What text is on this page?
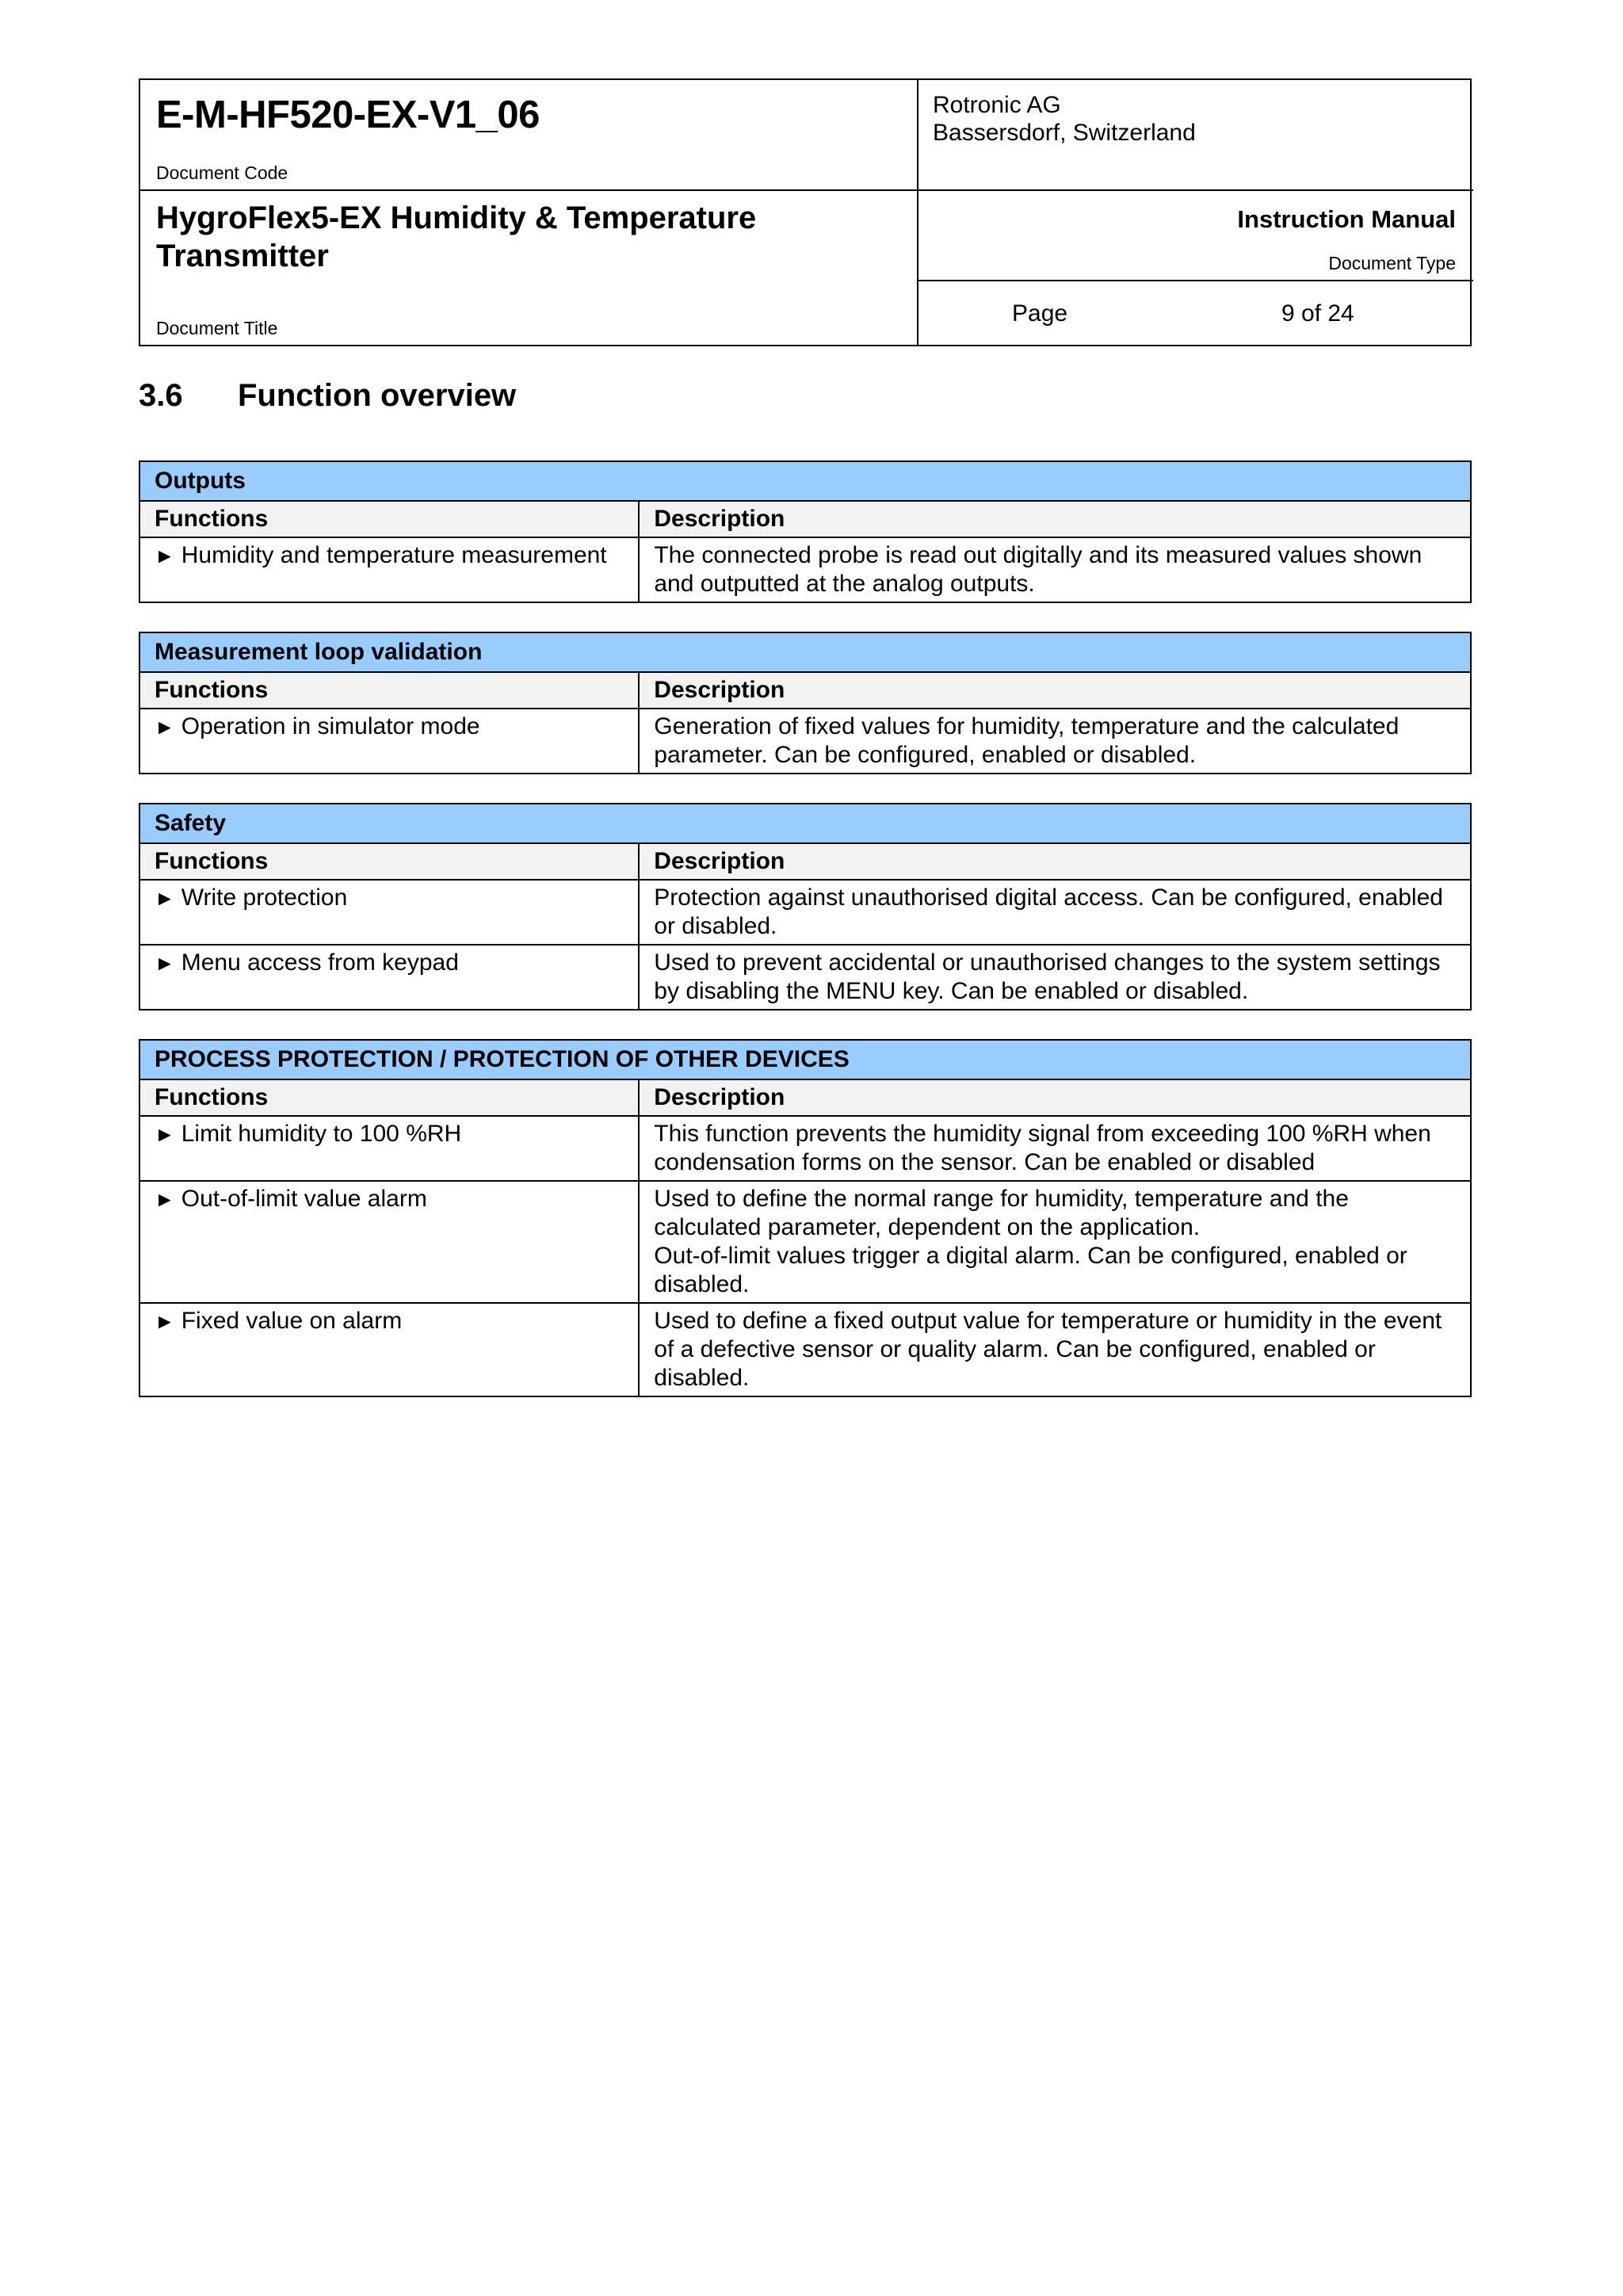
E-M-HF520-EX-V1_06
Document Code
Rotronic AG
Bassersdorf, Switzerland
HygroFlex5-EX Humidity & Temperature
Transmitter
Document Title
Instruction Manual
Document Type
Page	9 of 24
3.6	Function overview
Outputs	
Functions	Description
► Humidity and temperature measurement	The connected probe is read out digitally and its measured values shown and outputted at the analog outputs.
Measurement loop validation	
Functions	Description
► Operation in simulator mode	Generation of fixed values for humidity, temperature and the calculated parameter. Can be configured, enabled or disabled.
Safety	
Functions	Description
► Write protection	Protection against unauthorised digital access. Can be configured, enabled or disabled.
► Menu access from keypad	Used to prevent accidental or unauthorised changes to the system settings by disabling the MENU key. Can be enabled or disabled.
PROCESS PROTECTION / PROTECTION OF OTHER DEVICES	
Functions	Description
► Limit humidity to 100 %RH	This function prevents the humidity signal from exceeding 100 %RH when condensation forms on the sensor. Can be enabled or disabled
► Out-of-limit value alarm	Used to define the normal range for humidity, temperature and the calculated parameter, dependent on the application.
Out-of-limit values trigger a digital alarm. Can be configured, enabled or disabled.

► Fixed value on alarm	Used to define a fixed output value for temperature or humidity in the event of a defective sensor or quality alarm. Can be configured, enabled or disabled.
